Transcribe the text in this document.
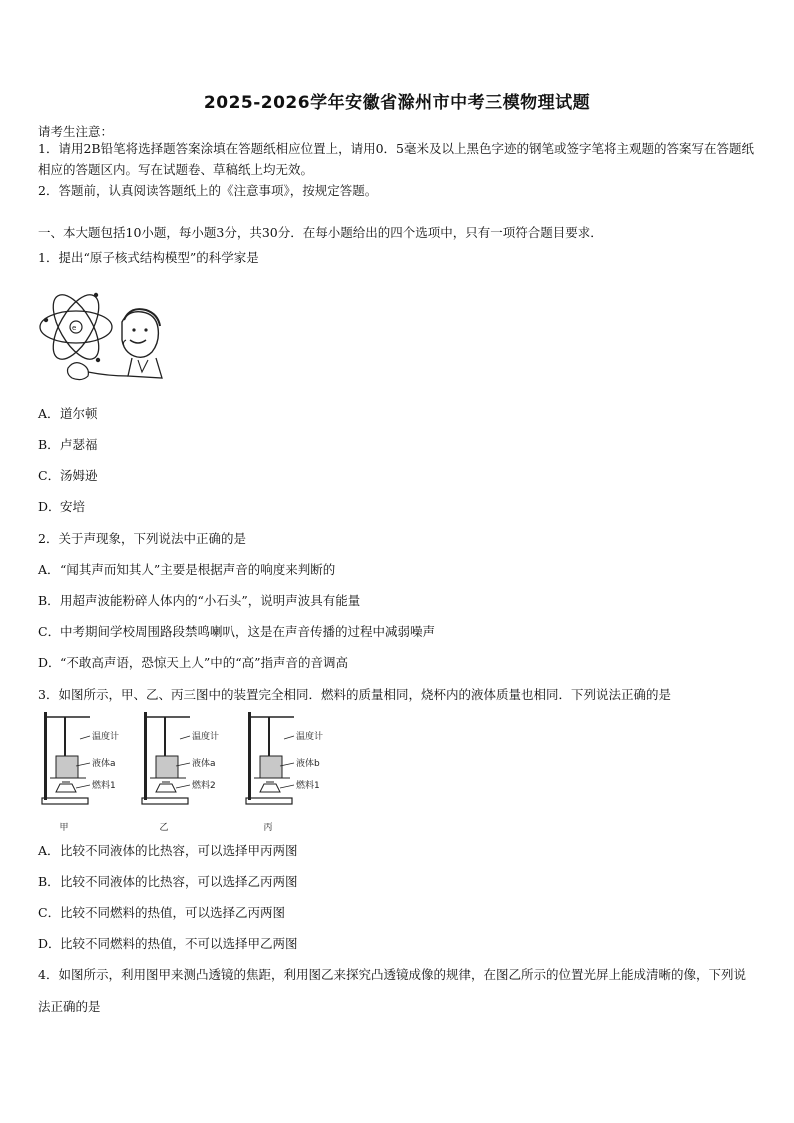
2025-2026学年安徽省滁州市中考三模物理试题
请考生注意：
1．请用2B铅笔将选择题答案涂填在答题纸相应位置上，请用0．5毫米及以上黑色字迹的钢笔或签字笔将主观题的答案写在答题纸相应的答题区内。写在试题卷、草稿纸上均无效。
2．答题前，认真阅读答题纸上的《注意事项》，按规定答题。
一、本大题包括10小题，每小题3分，共30分．在每小题给出的四个选项中，只有一项符合题目要求．
1．提出“原子核式结构模型”的科学家是
e
A．道尔顿
B．卢瑟福
C．汤姆逊
D．安培
2．关于声现象，下列说法中正确的是
A．“闻其声而知其人”主要是根据声音的响度来判断的
B．用超声波能粉碎人体内的“小石头”，说明声波具有能量
C．中考期间学校周围路段禁鸣喇叭，这是在声音传播的过程中减弱噪声
D．“不敢高声语，恐惊天上人”中的“高”指声音的音调高
3．如图所示，甲、乙、丙三图中的装置完全相同．燃料的质量相同，烧杯内的液体质量也相同．下列说法正确的是
温度计
液体a
燃料1
甲
温度计
液体a
燃料2
乙
温度计
液体b
燃料1
丙
A．比较不同液体的比热容，可以选择甲丙两图
B．比较不同液体的比热容，可以选择乙丙两图
C．比较不同燃料的热值，可以选择乙丙两图
D．比较不同燃料的热值，不可以选择甲乙两图
4．如图所示，利用图甲来测凸透镜的焦距，利用图乙来探究凸透镜成像的规律，在图乙所示的位置光屏上能成清晰的像，下列说法正确的是
